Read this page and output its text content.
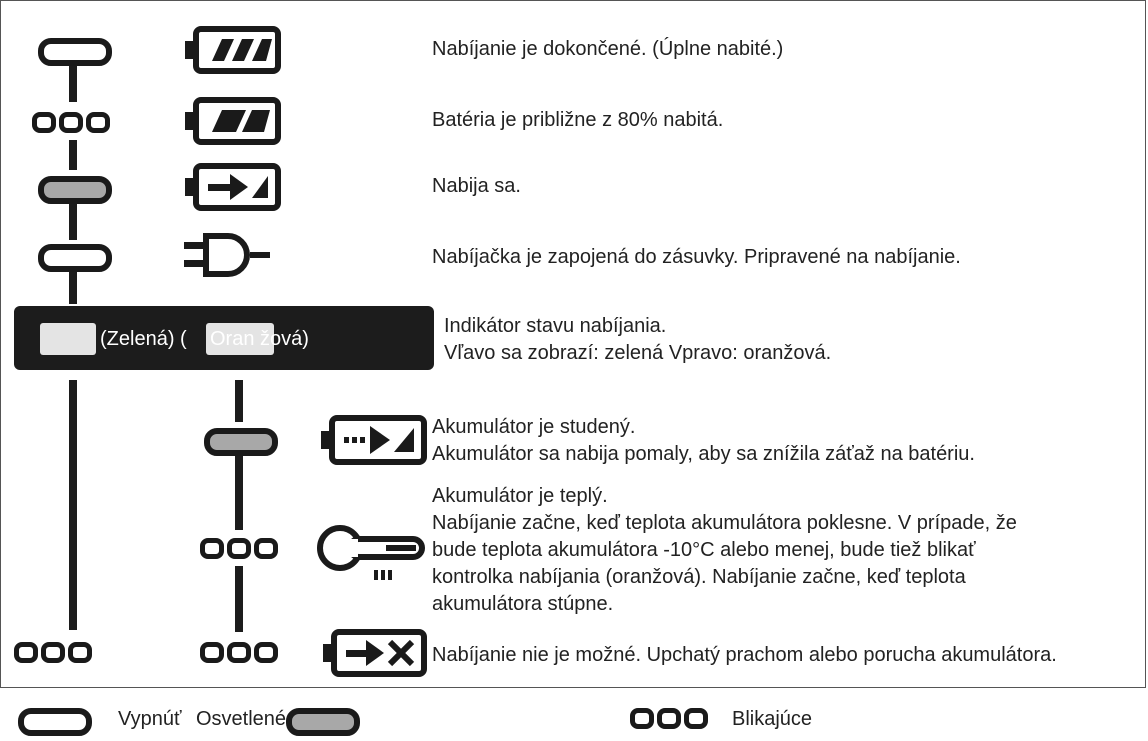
Nabíjanie je dokončené. (Úplne nabité.)
Batéria je približne z 80% nabitá.
Nabija sa.
Nabíjačka je zapojená do zásuvky. Pripravené na nabíjanie.
(Zelená) ( Oran žová)
Indikátor stavu nabíjania.
Vľavo sa zobrazí: zelená Vpravo: oranžová.
Akumulátor je studený.
Akumulátor sa nabija pomaly, aby sa znížila záťaž na batériu.
Akumulátor je teplý.
Nabíjanie začne, keď teplota akumulátora poklesne. V prípade, že
bude teplota akumulátora -10°C alebo menej, bude tiež blikať
kontrolka nabíjania (oranžová). Nabíjanie začne, keď teplota
akumulátora stúpne.
Nabíjanie nie je možné. Upchatý prachom alebo porucha akumulátora.
Vypnúť Osvetlené	Blikajúce
